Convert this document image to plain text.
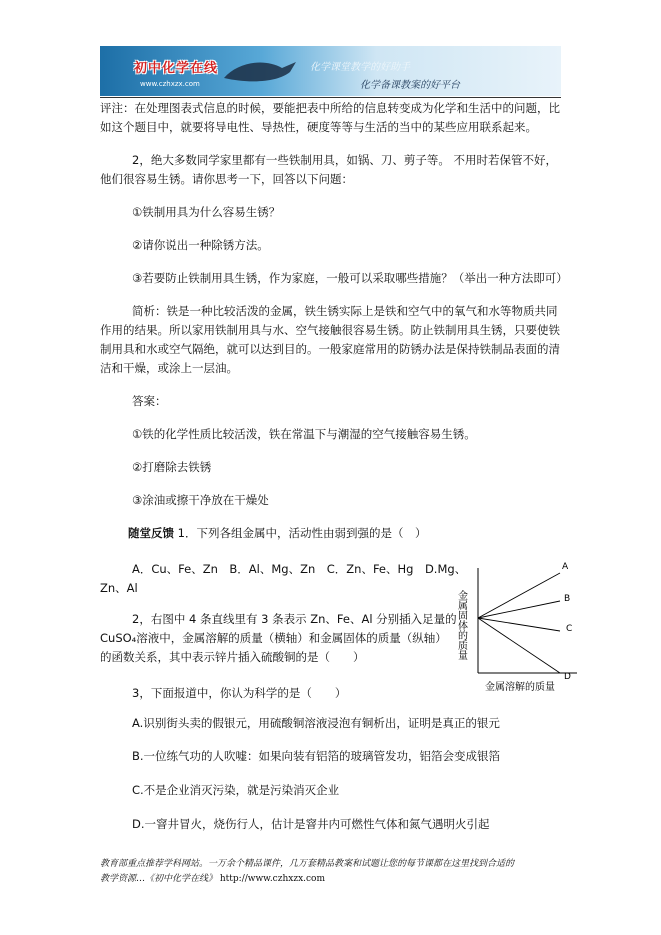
初中化学在线
www.czhxzx.com
化学课堂教学的好助手
化学备课教案的好平台
评注：在处理图表式信息的时候，要能把表中所给的信息转变成为化学和生活中的问题，比
如这个题目中，就要将导电性、导热性，硬度等等与生活的当中的某些应用联系起来。
2，绝大多数同学家里都有一些铁制用具，如锅、刀、剪子等。 不用时若保管不好，
他们很容易生锈。请你思考一下，回答以下问题：
①铁制用具为什么容易生锈？
②请你说出一种除锈方法。
③若要防止铁制用具生锈，作为家庭，一般可以采取哪些措施？（举出一种方法即可）
简析：铁是一种比较活泼的金属，铁生锈实际上是铁和空气中的氧气和水等物质共同
作用的结果。所以家用铁制用具与水、空气接触很容易生锈。防止铁制用具生锈，只要使铁
制用具和水或空气隔绝，就可以达到目的。一般家庭常用的防锈办法是保持铁制品表面的清
洁和干燥，或涂上一层油。
答案：
①铁的化学性质比较活泼，铁在常温下与潮湿的空气接触容易生锈。
②打磨除去铁锈
③涂油或擦干净放在干燥处
随堂反馈 1．下列各组金属中，活动性由弱到强的是（　）
A．Cu、Fe、Zn　B．Al、Mg、Zn　C．Zn、Fe、Hg　D.Mg、
Zn、Al
2，右图中 4 条直线里有 3 条表示 Zn、Fe、Al 分别插入足量的
CuSO₄溶液中，金属溶解的质量（横轴）和金属固体的质量（纵轴）
的函数关系，其中表示锌片插入硫酸铜的是（　　）	金属固体的质量
金属溶解的质量
A
B
C
D
3，下面报道中，你认为科学的是（　　）
A.识别街头卖的假银元，用硫酸铜溶液浸泡有铜析出，证明是真正的银元
B.一位练气功的人吹嘘：如果向装有铝箔的玻璃管发功，铝箔会变成银箔
C.不是企业消灭污染，就是污染消灭企业
D.一窨井冒火，烧伤行人，估计是窨井内可燃性气体和氮气遇明火引起
教育部重点推荐学科网站。一万余个精品课件，几万套精品教案和试题让您的每节课都在这里找到合适的
教学资源…《初中化学在线》 http://www.czhxzx.com
